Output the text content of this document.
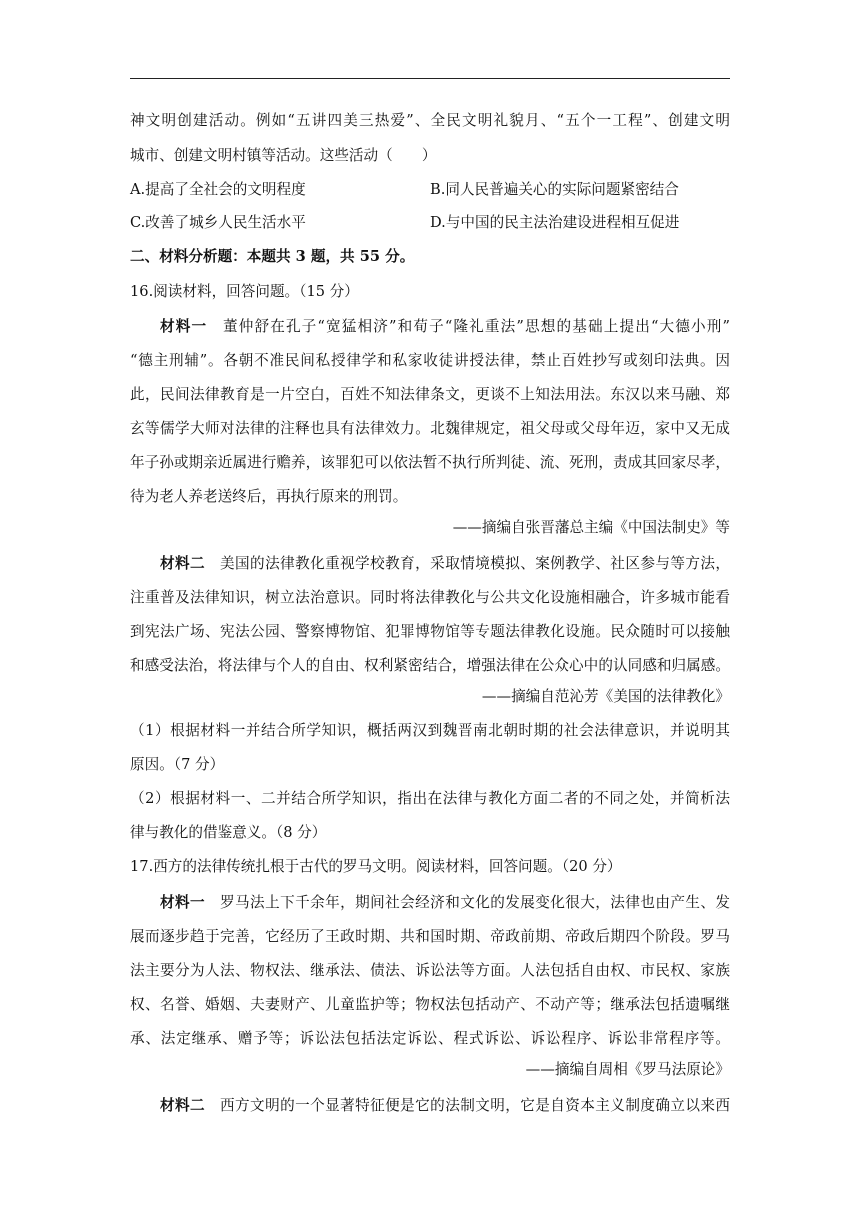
神文明创建活动。例如“五讲四美三热爱”、全民文明礼貌月、“五个一工程”、创建文明
城市、创建文明村镇等活动。这些活动（　　）
A.提高了全社会的文明程度	B.同人民普遍关心的实际问题紧密结合
C.改善了城乡人民生活水平	D.与中国的民主法治建设进程相互促进
二、材料分析题：本题共 3 题，共 55 分。
16.阅读材料，回答问题。（15 分）
材料一  董仲舒在孔子“宽猛相济”和荀子“隆礼重法”思想的基础上提出“大德小刑”
“德主刑辅”。各朝不准民间私授律学和私家收徒讲授法律，禁止百姓抄写或刻印法典。因
此，民间法律教育是一片空白，百姓不知法律条文，更谈不上知法用法。东汉以来马融、郑
玄等儒学大师对法律的注释也具有法律效力。北魏律规定，祖父母或父母年迈，家中又无成
年子孙或期亲近属进行赡养，该罪犯可以依法暂不执行所判徒、流、死刑，责成其回家尽孝，
待为老人养老送终后，再执行原来的刑罚。
——摘编自张晋藩总主编《中国法制史》等
材料二  美国的法律教化重视学校教育，采取情境模拟、案例教学、社区参与等方法，
注重普及法律知识，树立法治意识。同时将法律教化与公共文化设施相融合，许多城市能看
到宪法广场、宪法公园、警察博物馆、犯罪博物馆等专题法律教化设施。民众随时可以接触
和感受法治，将法律与个人的自由、权利紧密结合，增强法律在公众心中的认同感和归属感。
——摘编自范沁芳《美国的法律教化》
（1）根据材料一并结合所学知识，概括两汉到魏晋南北朝时期的社会法律意识，并说明其
原因。（7 分）
（2）根据材料一、二并结合所学知识，指出在法律与教化方面二者的不同之处，并简析法
律与教化的借鉴意义。（8 分）
17.西方的法律传统扎根于古代的罗马文明。阅读材料，回答问题。（20 分）
材料一  罗马法上下千余年，期间社会经济和文化的发展变化很大，法律也由产生、发
展而逐步趋于完善，它经历了王政时期、共和国时期、帝政前期、帝政后期四个阶段。罗马
法主要分为人法、物权法、继承法、债法、诉讼法等方面。人法包括自由权、市民权、家族
权、名誉、婚姻、夫妻财产、儿童监护等；物权法包括动产、不动产等；继承法包括遗嘱继
承、法定继承、赠予等；诉讼法包括法定诉讼、程式诉讼、诉讼程序、诉讼非常程序等。
——摘编自周相《罗马法原论》
材料二  西方文明的一个显著特征便是它的法制文明，它是自资本主义制度确立以来西
